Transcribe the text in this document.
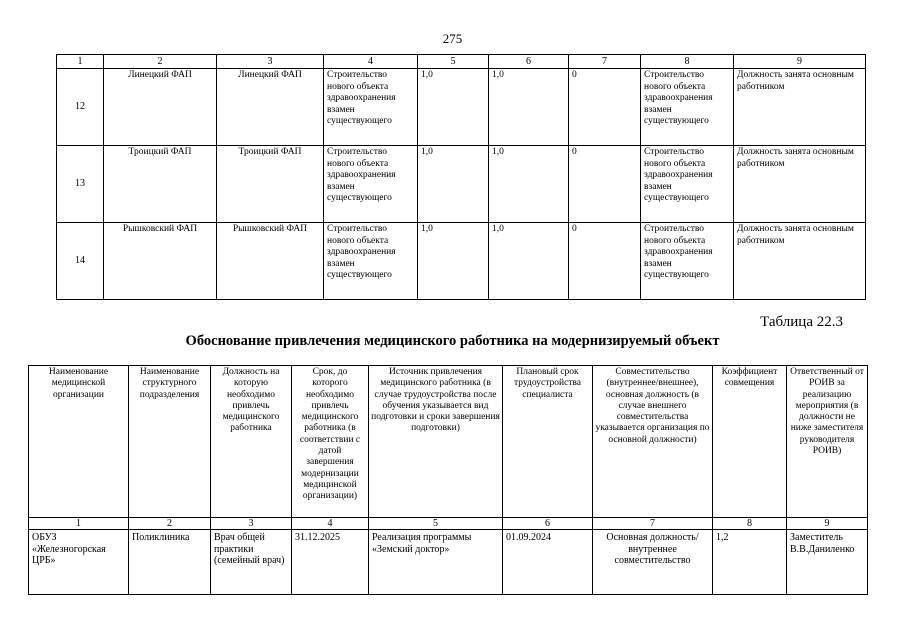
275
1	2	3	4	5	6	7	8	9
12	Линецкий ФАП	Линецкий ФАП	Строительство нового объекта здравоохранения взамен существующего	1,0	1,0	0	Строительство нового объекта здравоохранения взамен существующего	Должность занята основным работником
13	Троицкий ФАП	Троицкий ФАП	Строительство нового объекта здравоохранения взамен существующего	1,0	1,0	0	Строительство нового объекта здравоохранения взамен существующего	Должность занята основным работником
14	Рышковский ФАП	Рышковский ФАП	Строительство нового объекта здравоохранения взамен существующего	1,0	1,0	0	Строительство нового объекта здравоохранения взамен существующего	Должность занята основным работником
Таблица 22.3
Обоснование привлечения медицинского работника на модернизируемый объект
Наименование медицинской организации	Наименование структурного подразделения	Должность на которую необходимо привлечь медицинского работника	Срок, до которого необходимо привлечь медицинского работника (в соответствии с датой завершения модернизации медицинской организации)	Источник привлечения медицинского работника (в случае трудоустройства после обучения указывается вид подготовки и сроки завершения подготовки)	Плановый срок трудоустройства специалиста	Совместительство (внутреннее/внешнее), основная должность (в случае внешнего совместительства указывается организация по основной должности)	Коэффициент совмещения	Ответственный от РОИВ за реализацию мероприятия (в должности не ниже заместителя руководителя РОИВ)
1	2	3	4	5	6	7	8	9
ОБУЗ «Железногорская ЦРБ»	Поликлиника	Врач общей практики (семейный врач)	31.12.2025	Реализация программы «Земский доктор»	01.09.2024	Основная должность/внутреннее совместительство	1,2	Заместитель В.В.Даниленко
